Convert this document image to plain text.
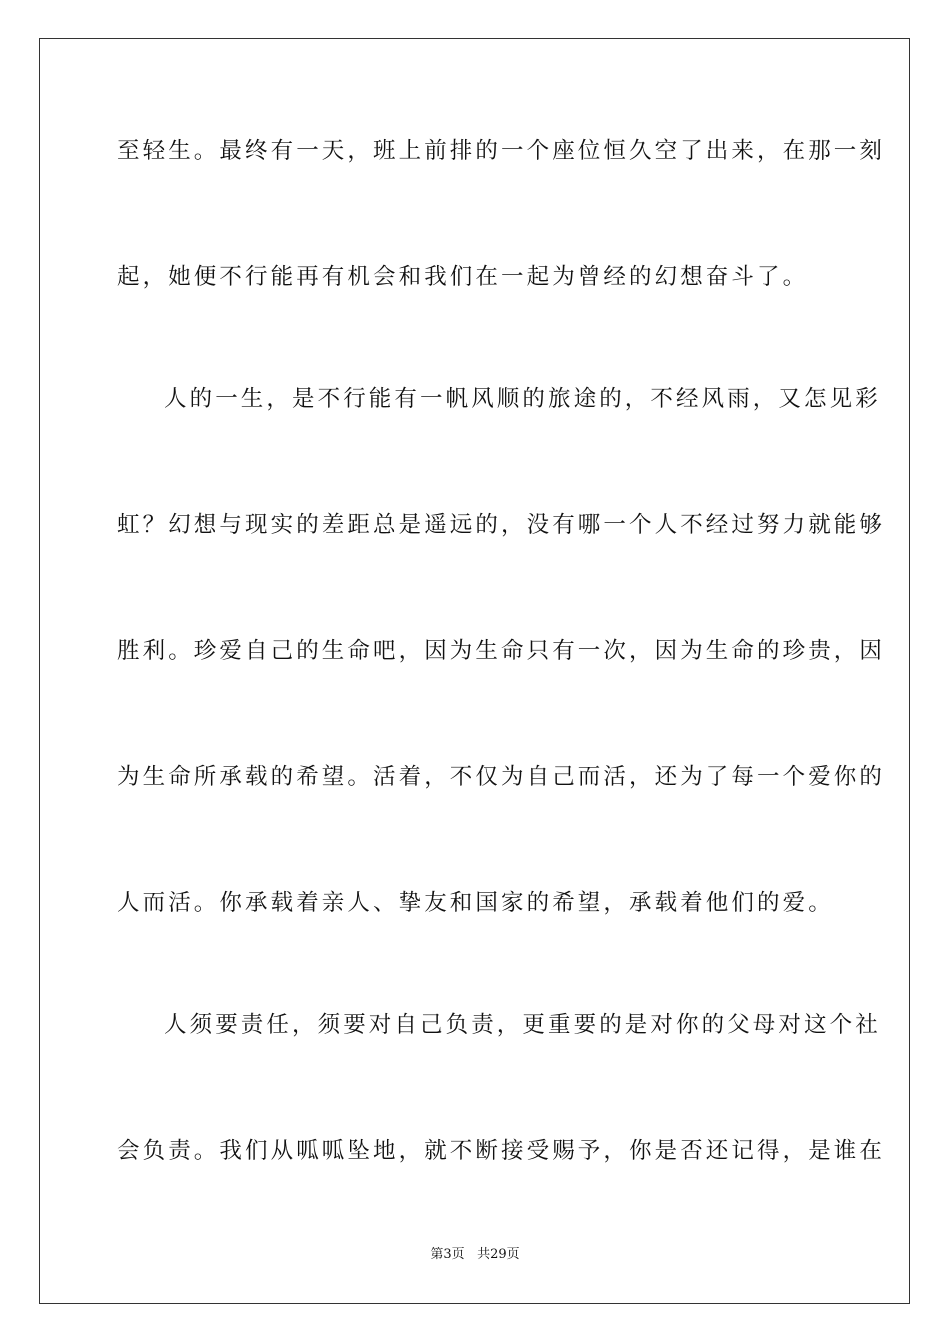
至轻生。最终有一天，班上前排的一个座位恒久空了出来，在那一刻
起，她便不行能再有机会和我们在一起为曾经的幻想奋斗了。
人的一生，是不行能有一帆风顺的旅途的，不经风雨，又怎见彩
虹？幻想与现实的差距总是遥远的，没有哪一个人不经过努力就能够
胜利。珍爱自己的生命吧，因为生命只有一次，因为生命的珍贵，因
为生命所承载的希望。活着，不仅为自己而活，还为了每一个爱你的
人而活。你承载着亲人、挚友和国家的希望，承载着他们的爱。
人须要责任，须要对自己负责，更重要的是对你的父母对这个社
会负责。我们从呱呱坠地，就不断接受赐予，你是否还记得，是谁在
第3页 共29页
